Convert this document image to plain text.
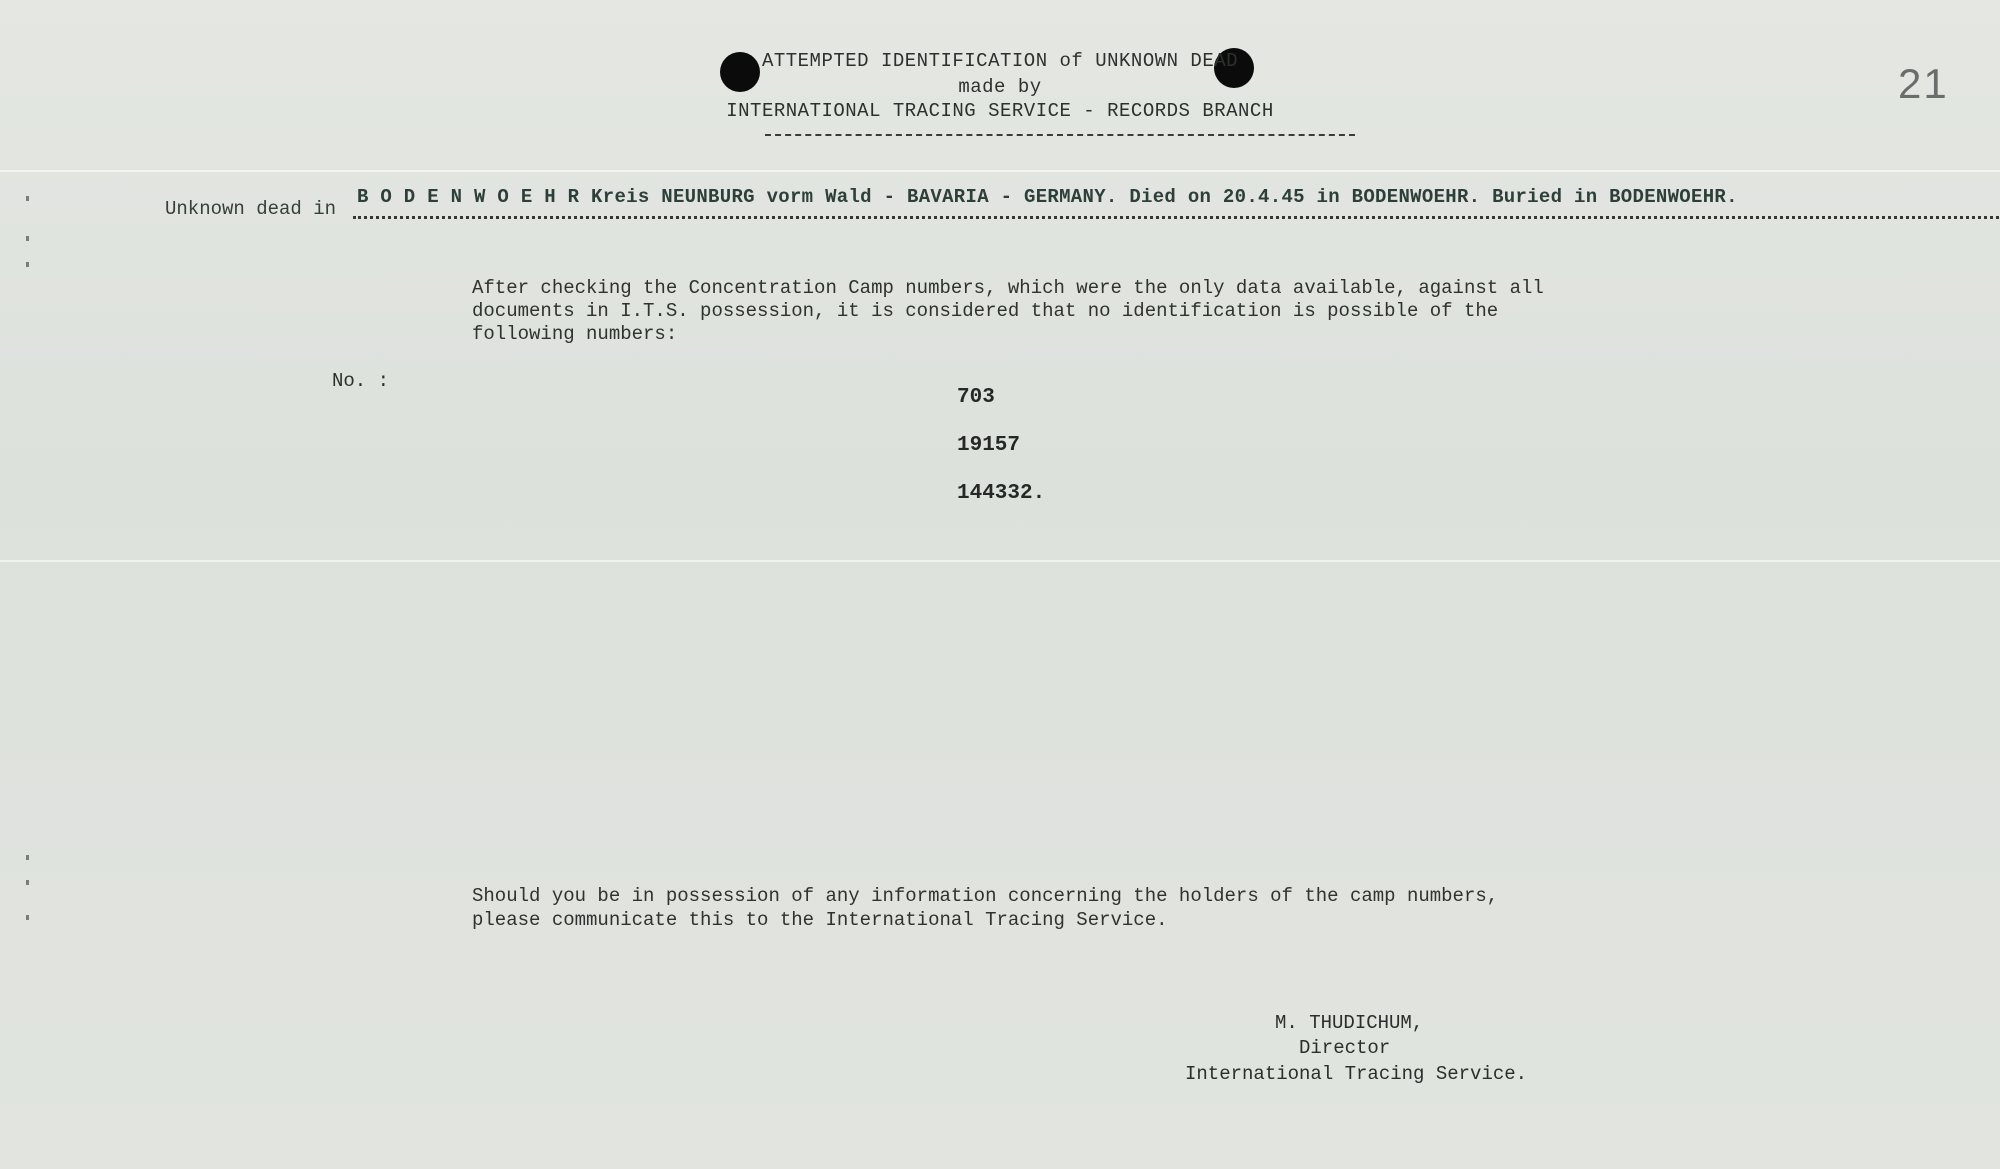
ATTEMPTED IDENTIFICATION of UNKNOWN DEAD
made by
INTERNATIONAL TRACING SERVICE - RECORDS BRANCH
21
Unknown dead in
B O D E N W O E H R Kreis NEUNBURG vorm Wald - BAVARIA - GERMANY. Died on 20.4.45 in BODENWOEHR. Buried in BODENWOEHR.
After checking the Concentration Camp numbers, which were the only data available, against all
documents in I.T.S. possession, it is considered that no identification is possible of the
following numbers:
No. :
703
19157
144332.
Should you be in possession of any information concerning the holders of the camp numbers,
please communicate this to the International Tracing Service.
M. THUDICHUM,
Director
International Tracing Service.
